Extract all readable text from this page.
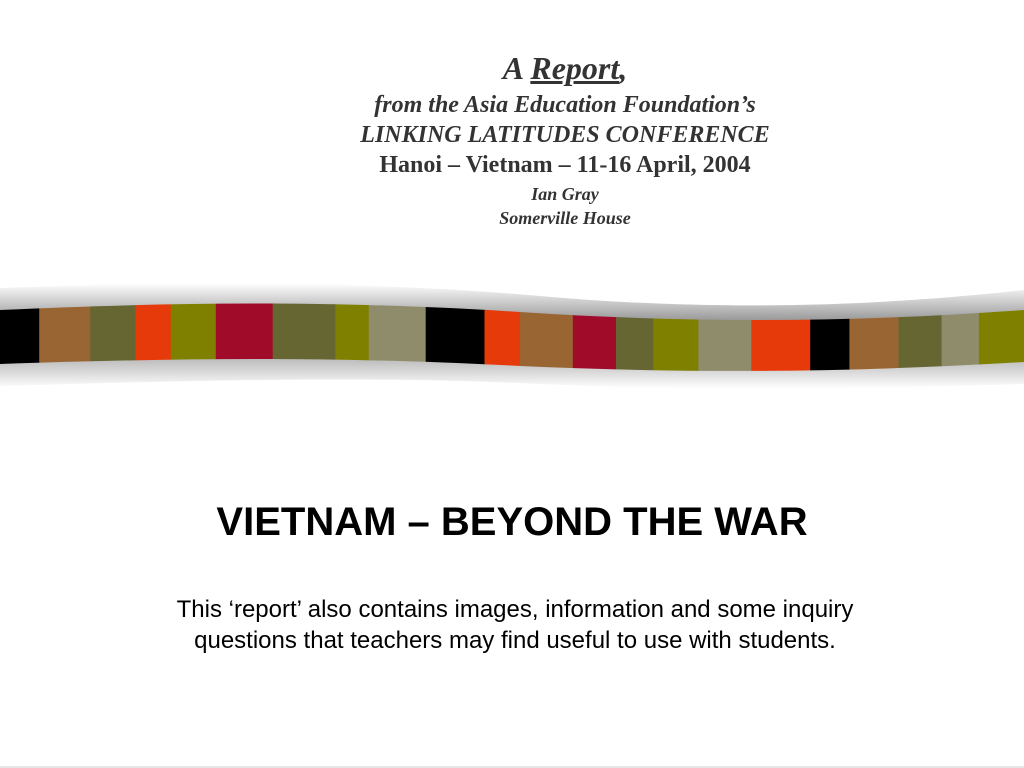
A Report,

from the Asia Education Foundation’s

LINKING LATITUDES CONFERENCE

Hanoi – Vietnam – 11-16 April, 2004

Ian Gray

Somerville House

VIETNAM – BEYOND THE WAR
This ‘report’ also contains images, information and some inquiry questions that teachers may find useful to use with students.
